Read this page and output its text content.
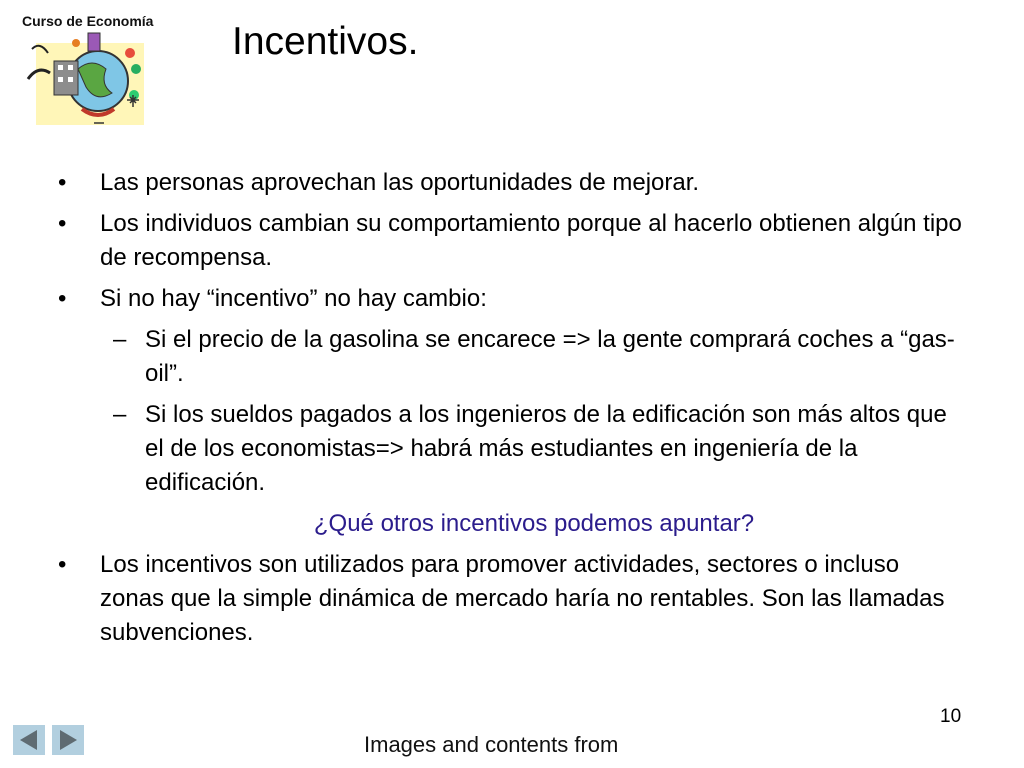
Curso de Economía Incentivos.
• Las personas aprovechan las oportunidades de mejorar.
• Los individuos cambian su comportamiento porque al hacerlo obtienen algún tipo de recompensa.
• Si no hay “incentivo” no hay cambio:
– Si el precio de la gasolina se encarece => la gente comprará coches a “gas-oil”.
– Si los sueldos pagados a los ingenieros de la edificación son más altos que el de los economistas=> habrá más estudiantes en ingeniería de la edificación.
¿Qué otros incentivos podemos apuntar?
• Los incentivos son utilizados para promover actividades, sectores o incluso zonas que la simple dinámica de mercado haría no rentables. Son las llamadas subvenciones.
10
Images and contents from
